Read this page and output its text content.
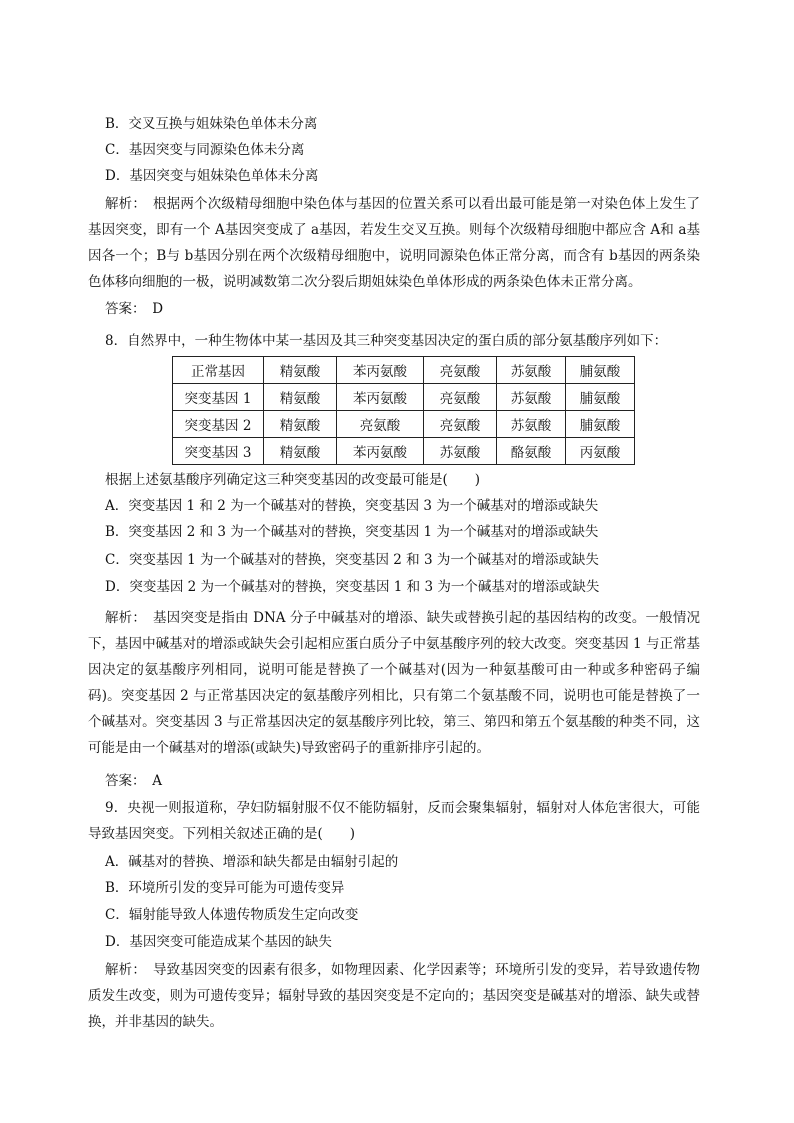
B．交叉互换与姐妹染色单体未分离
C．基因突变与同源染色体未分离
D．基因突变与姐妹染色单体未分离
解析：　 根据两个次级精母细胞中染色体与基因的位置关系可以看出最可能是第一对染色体上发生了基因突变，即有一个 A基因突变成了 a基因，若发生交叉互换。则每个次级精母细胞中都应含 A和 a基因各一个；B与 b基因分别在两个次级精母细胞中，说明同源染色体正常分离，而含有 b基因的两条染色体移向细胞的一极，说明减数第二次分裂后期姐妹染色单体形成的两条染色体未正常分离。
答案：　 D
8．自然界中，一种生物体中某一基因及其三种突变基因决定的蛋白质的部分氨基酸序列如下：
正常基因	精氨酸	苯丙氨酸	亮氨酸	苏氨酸	脯氨酸
突变基因 1	精氨酸	苯丙氨酸	亮氨酸	苏氨酸	脯氨酸
突变基因 2	精氨酸	亮氨酸	亮氨酸	苏氨酸	脯氨酸
突变基因 3	精氨酸	苯丙氨酸	苏氨酸	酪氨酸	丙氨酸
根据上述氨基酸序列确定这三种突变基因的改变最可能是(　　)
A．突变基因 1 和 2 为一个碱基对的替换，突变基因 3 为一个碱基对的增添或缺失
B．突变基因 2 和 3 为一个碱基对的替换，突变基因 1 为一个碱基对的增添或缺失
C．突变基因 1 为一个碱基对的替换，突变基因 2 和 3 为一个碱基对的增添或缺失
D．突变基因 2 为一个碱基对的替换，突变基因 1 和 3 为一个碱基对的增添或缺失
解析：　 基因突变是指由 DNA 分子中碱基对的增添、缺失或替换引起的基因结构的改变。一般情况下，基因中碱基对的增添或缺失会引起相应蛋白质分子中氨基酸序列的较大改变。突变基因 1 与正常基因决定的氨基酸序列相同，说明可能是替换了一个碱基对(因为一种氨基酸可由一种或多种密码子编码)。突变基因 2 与正常基因决定的氨基酸序列相比，只有第二个氨基酸不同，说明也可能是替换了一个碱基对。突变基因 3 与正常基因决定的氨基酸序列比较，第三、第四和第五个氨基酸的种类不同，这可能是由一个碱基对的增添(或缺失)导致密码子的重新排序引起的。
答案：　 A
9．央视一则报道称，孕妇防辐射服不仅不能防辐射，反而会聚集辐射，辐射对人体危害很大，可能导致基因突变。下列相关叙述正确的是(　　)
A．碱基对的替换、增添和缺失都是由辐射引起的
B．环境所引发的变异可能为可遗传变异
C．辐射能导致人体遗传物质发生定向改变
D．基因突变可能造成某个基因的缺失
解析：　 导致基因突变的因素有很多，如物理因素、化学因素等；环境所引发的变异，若导致遗传物质发生改变，则为可遗传变异；辐射导致的基因突变是不定向的；基因突变是碱基对的增添、缺失或替换，并非基因的缺失。
